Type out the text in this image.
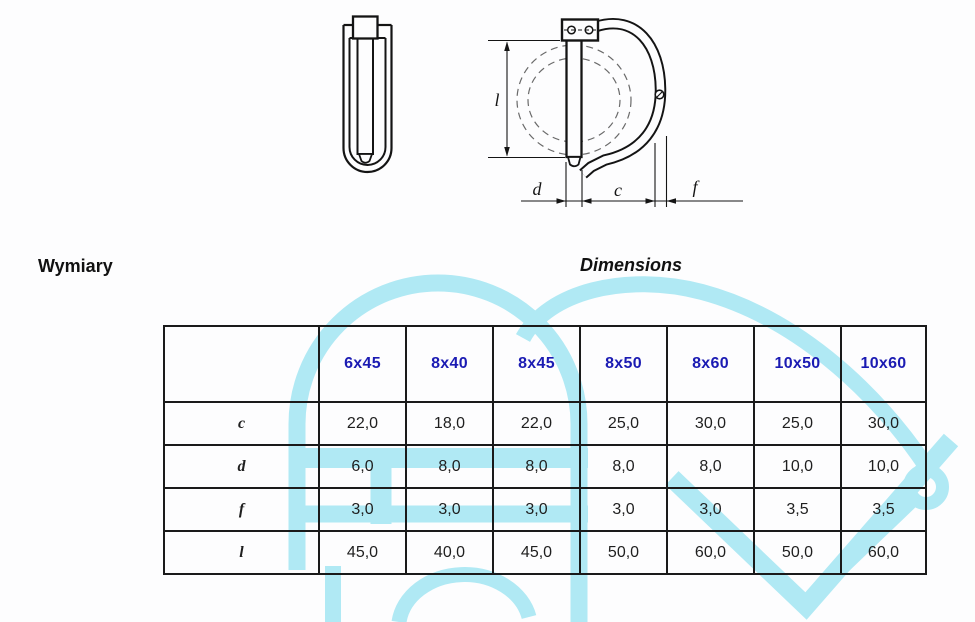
l
d	c	f
Wymiary	Dimensions
	6x45	8x40	8x45	8x50	8x60	10x50	10x60
c	22,0	18,0	22,0	25,0	30,0	25,0	30,0
d	6,0	8,0	8,0	8,0	8,0	10,0	10,0
f	3,0	3,0	3,0	3,0	3,0	3,5	3,5
l	45,0	40,0	45,0	50,0	60,0	50,0	60,0
